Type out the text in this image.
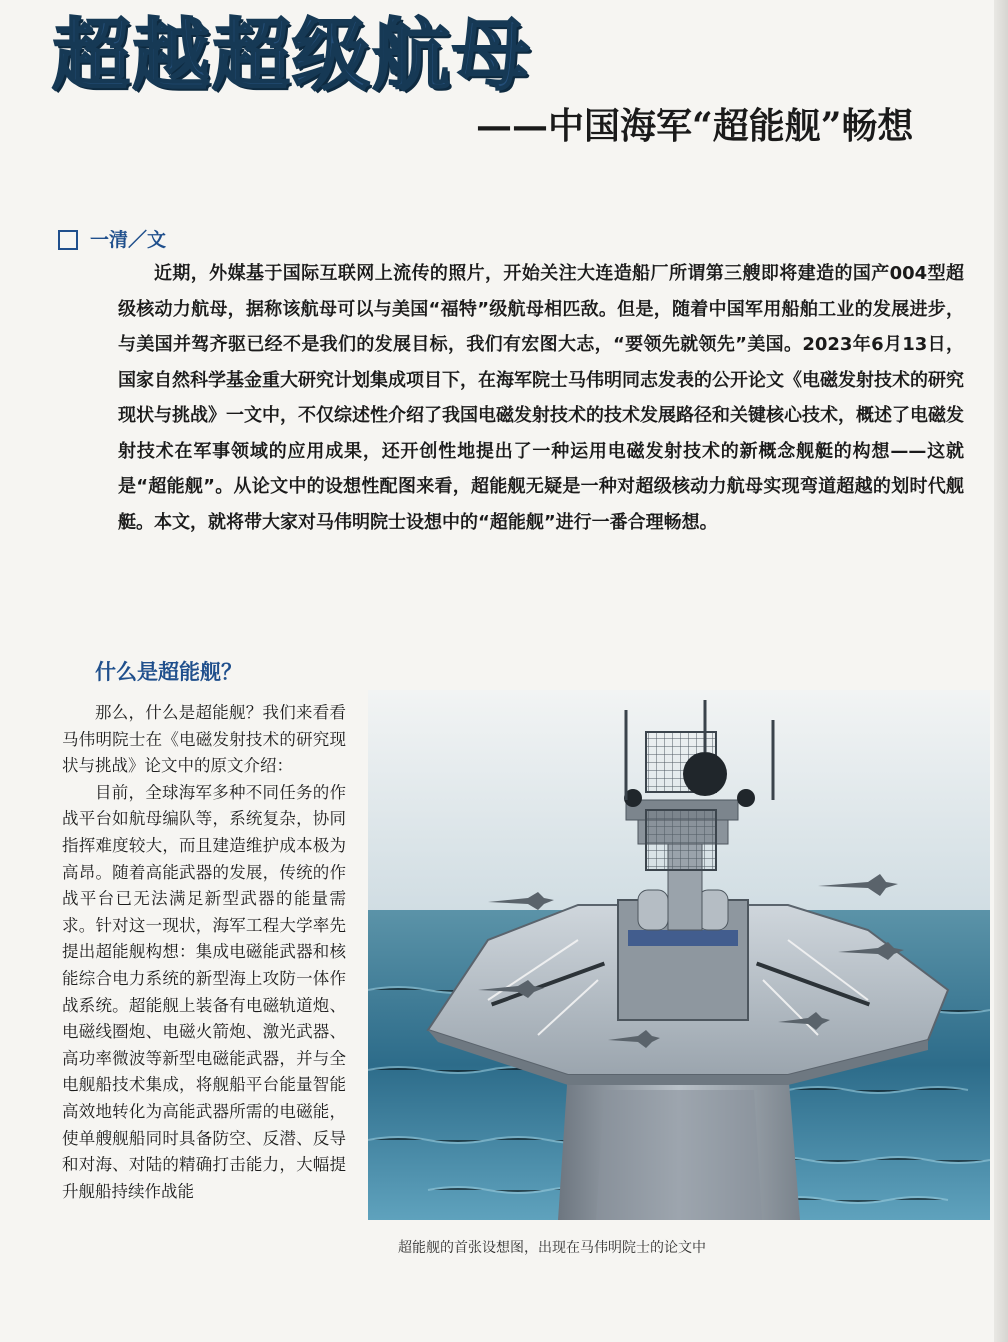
超越超级航母
——中国海军“超能舰”畅想
一清／文
近期，外媒基于国际互联网上流传的照片，开始关注大连造船厂所谓第三艘即将建造的国产004型超级核动力航母，据称该航母可以与美国“福特”级航母相匹敌。但是，随着中国军用船舶工业的发展进步，与美国并驾齐驱已经不是我们的发展目标，我们有宏图大志，“要领先就领先”美国。2023年6月13日，国家自然科学基金重大研究计划集成项目下，在海军院士马伟明同志发表的公开论文《电磁发射技术的研究现状与挑战》一文中，不仅综述性介绍了我国电磁发射技术的技术发展路径和关键核心技术，概述了电磁发射技术在军事领域的应用成果，还开创性地提出了一种运用电磁发射技术的新概念舰艇的构想——这就是“超能舰”。从论文中的设想性配图来看，超能舰无疑是一种对超级核动力航母实现弯道超越的划时代舰艇。本文，就将带大家对马伟明院士设想中的“超能舰”进行一番合理畅想。
什么是超能舰？

那么，什么是超能舰？我们来看看马伟明院士在《电磁发射技术的研究现状与挑战》论文中的原文介绍：

目前，全球海军多种不同任务的作战平台如航母编队等，系统复杂，协同指挥难度较大，而且建造维护成本极为高昂。随着高能武器的发展，传统的作战平台已无法满足新型武器的能量需求。针对这一现状，海军工程大学率先提出超能舰构想：集成电磁能武器和核能综合电力系统的新型海上攻防一体作战系统。超能舰上装备有电磁轨道炮、电磁线圈炮、电磁火箭炮、激光武器、高功率微波等新型电磁能武器，并与全电舰船技术集成，将舰船平台能量智能高效地转化为高能武器所需的电磁能，使单艘舰船同时具备防空、反潜、反导和对海、对陆的精确打击能力，大幅提升舰船持续作战能

超能舰的首张设想图，出现在马伟明院士的论文中
